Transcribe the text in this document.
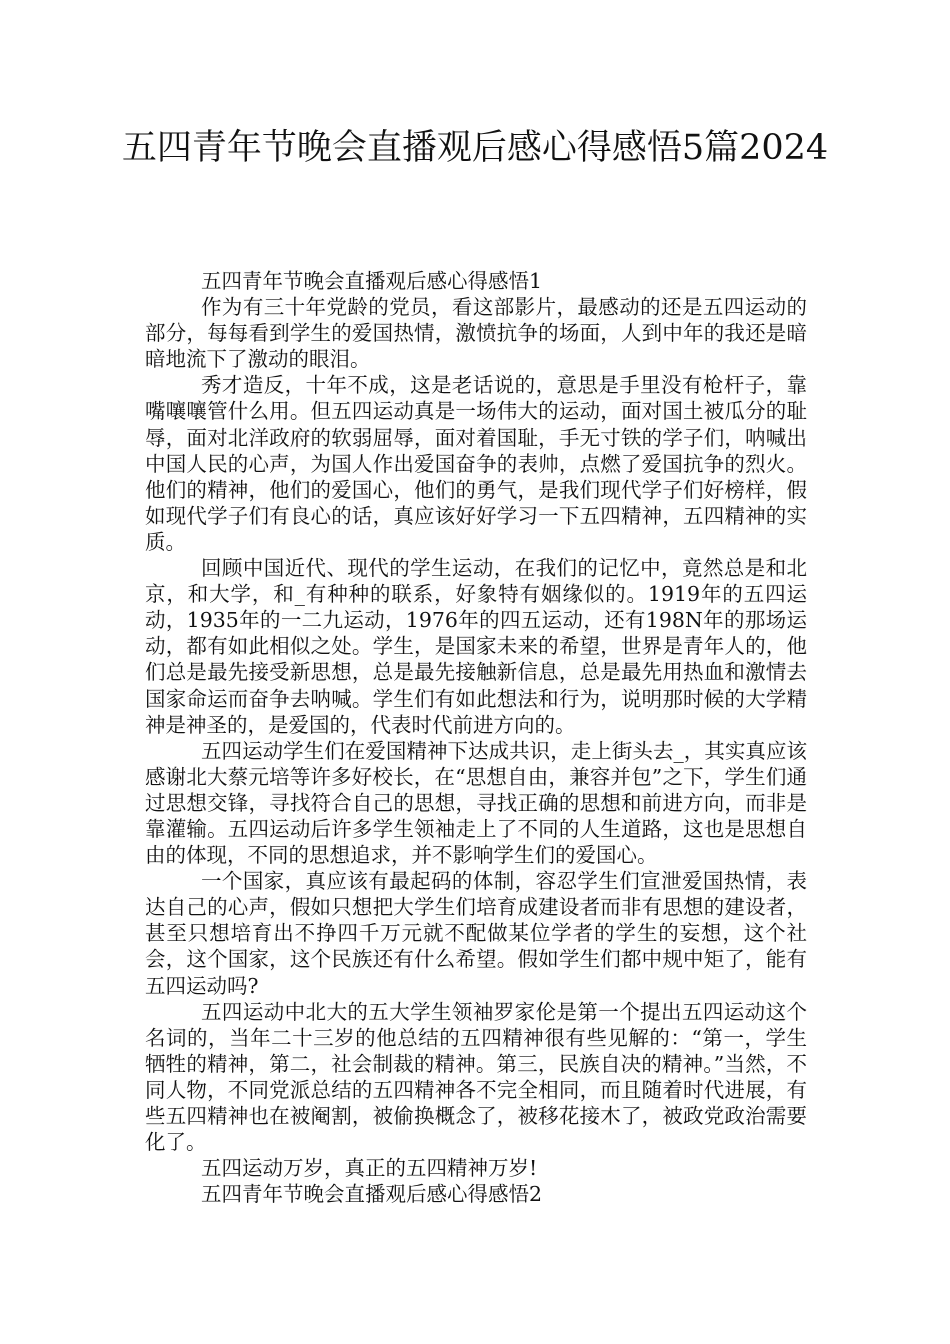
五四青年节晚会直播观后感心得感悟5篇2024

五四青年节晚会直播观后感心得感悟1

作为有三十年党龄的党员，看这部影片，最感动的还是五四运动的部分，每每看到学生的爱国热情，激愤抗争的场面，人到中年的我还是暗暗地流下了激动的眼泪。

秀才造反，十年不成，这是老话说的，意思是手里没有枪杆子，靠嘴嚷嚷管什么用。但五四运动真是一场伟大的运动，面对国土被瓜分的耻辱，面对北洋政府的软弱屈辱，面对着国耻，手无寸铁的学子们，呐喊出中国人民的心声，为国人作出爱国奋争的表帅，点燃了爱国抗争的烈火。他们的精神，他们的爱国心，他们的勇气，是我们现代学子们好榜样，假如现代学子们有良心的话，真应该好好学习一下五四精神，五四精神的实质。

回顾中国近代、现代的学生运动，在我们的记忆中，竟然总是和北京，和大学，和_有种种的联系，好象特有姻缘似的。1919年的五四运动，1935年的一二九运动，1976年的四五运动，还有198N年的那场运动，都有如此相似之处。学生，是国家未来的希望，世界是青年人的，他们总是最先接受新思想，总是最先接触新信息，总是最先用热血和激情去国家命运而奋争去呐喊。学生们有如此想法和行为，说明那时候的大学精神是神圣的，是爱国的，代表时代前进方向的。

五四运动学生们在爱国精神下达成共识，走上街头去_，其实真应该感谢北大蔡元培等许多好校长，在“思想自由，兼容并包”之下，学生们通过思想交锋，寻找符合自己的思想，寻找正确的思想和前进方向，而非是靠灌输。五四运动后许多学生领袖走上了不同的人生道路，这也是思想自由的体现，不同的思想追求，并不影响学生们的爱国心。

一个国家，真应该有最起码的体制，容忍学生们宣泄爱国热情，表达自己的心声，假如只想把大学生们培育成建设者而非有思想的建设者，甚至只想培育出不挣四千万元就不配做某位学者的学生的妄想，这个社会，这个国家，这个民族还有什么希望。假如学生们都中规中矩了，能有五四运动吗?

五四运动中北大的五大学生领袖罗家伦是第一个提出五四运动这个名词的，当年二十三岁的他总结的五四精神很有些见解的：“第一，学生牺牲的精神，第二，社会制裁的精神。第三，民族自决的精神。”当然，不同人物，不同党派总结的五四精神各不完全相同，而且随着时代进展，有些五四精神也在被阉割，被偷换概念了，被移花接木了，被政党政治需要化了。

五四运动万岁，真正的五四精神万岁!

五四青年节晚会直播观后感心得感悟2
